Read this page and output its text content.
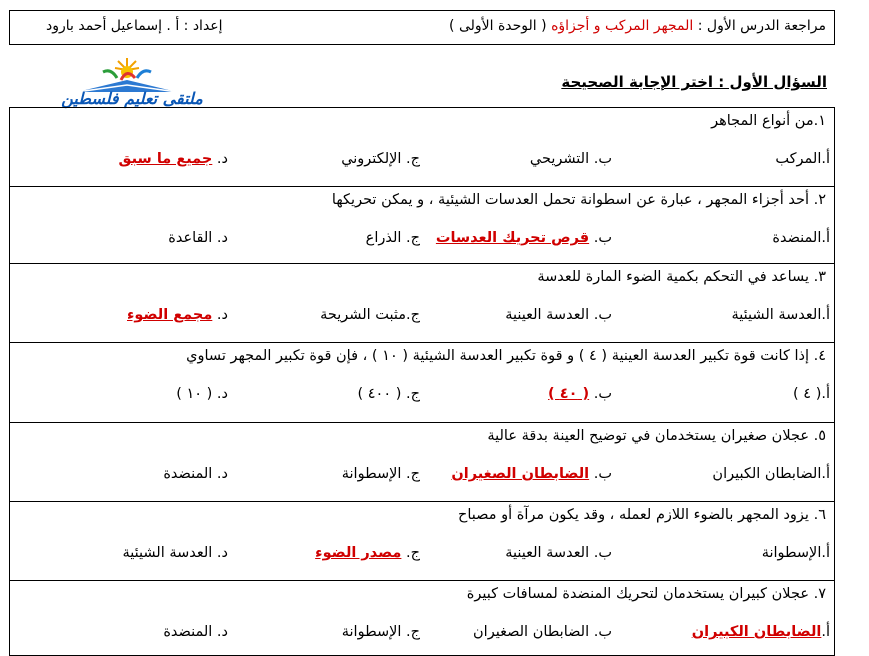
مراجعة الدرس الأول : المجهر المركب و أجزاؤه ( الوحدة الأولى )
إعداد : أ . إسماعيل أحمد بارود
ملتقى تعليم فلسطين
السؤال الأول : اختر الإجابة الصحيحة
١.من أنواع المجاهر
أ.المركب
ب. التشريحي
ج. الإلكتروني
د. جميع ما سبق
٢. أحد أجزاء المجهر ، عبارة عن اسطوانة تحمل العدسات الشيئية ، و يمكن تحريكها
أ.المنضدة
ب. قرص تحريك العدسات
ج. الذراع
د. القاعدة
٣. يساعد في التحكم بكمية الضوء المارة للعدسة
أ.العدسة الشيئية
ب. العدسة العينية
ج.مثبت الشريحة
د. مجمع الضوء
٤. إذا كانت قوة تكبير العدسة العينية ( ٤ ) و قوة تكبير العدسة الشيئية ( ١٠ ) ، فإن قوة تكبير المجهر تساوي
أ.( ٤ )
ب. ( ٤٠ )
ج. ( ٤٠٠ )
د. ( ١٠ )
٥. عجلان صغيران يستخدمان في توضيح العينة بدقة عالية
أ.الضابطان الكبيران
ب. الضابطان الصغيران
ج. الإسطوانة
د. المنضدة
٦. يزود المجهر بالضوء اللازم لعمله ، وقد يكون مرآة أو مصباح
أ.الإسطوانة
ب. العدسة العينية
ج. مصدر الضوء
د. العدسة الشيئية
٧. عجلان كبيران يستخدمان لتحريك المنضدة لمسافات كبيرة
أ.الضابطان الكبيران
ب. الضابطان الصغيران
ج. الإسطوانة
د. المنضدة
